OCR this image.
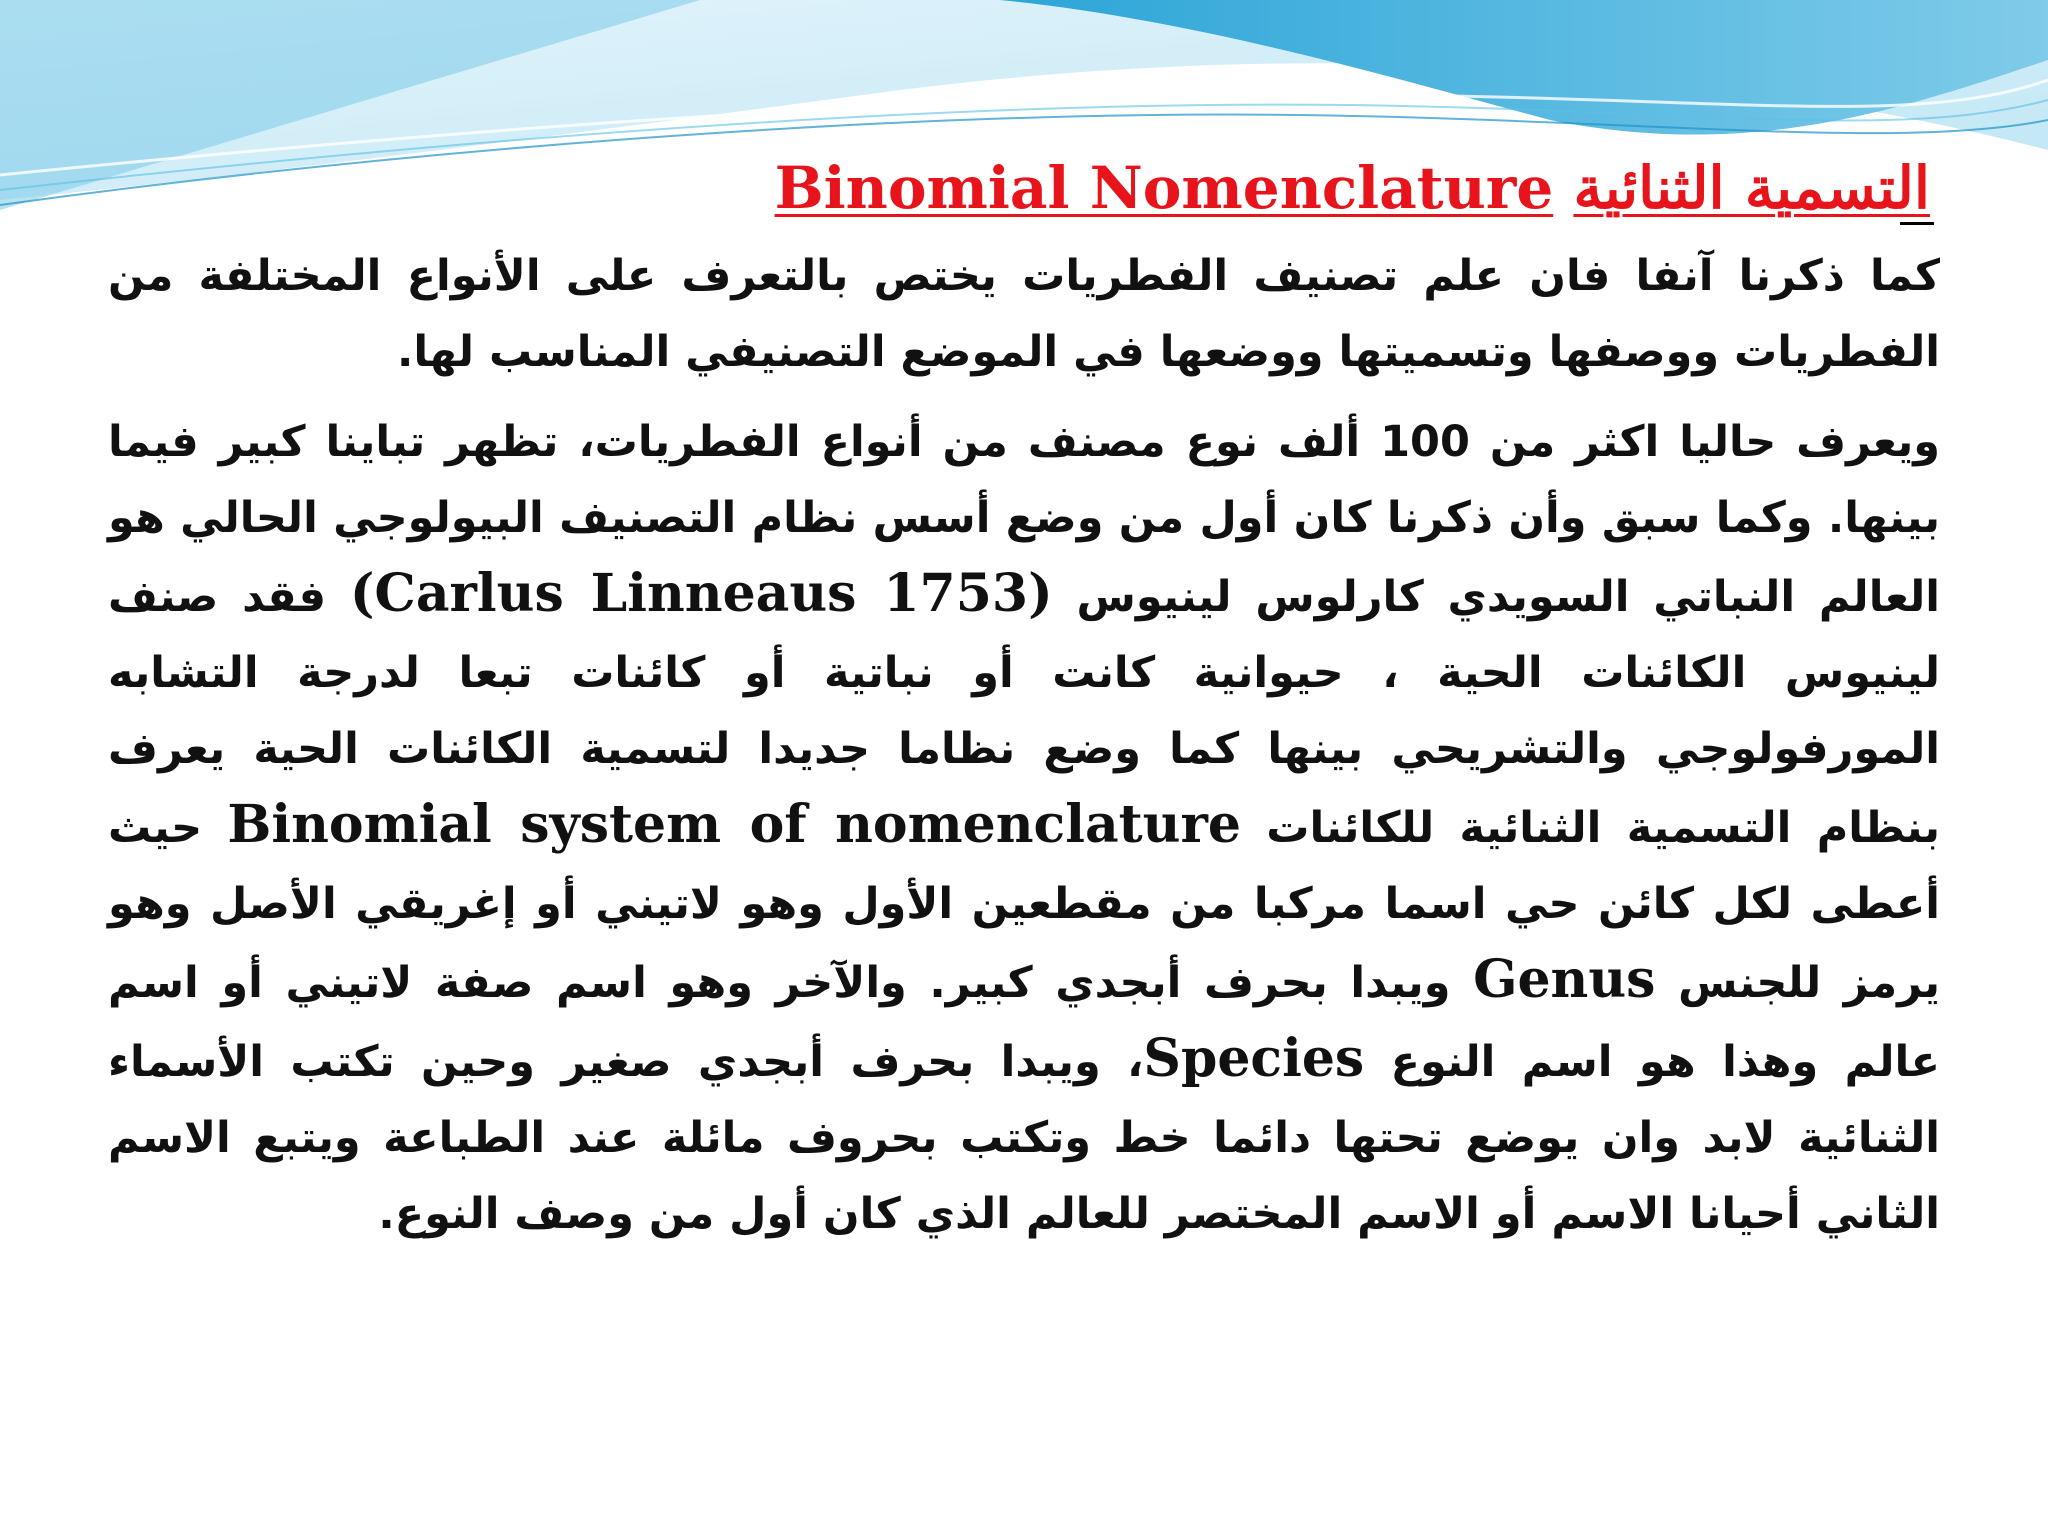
التسمية الثنائية Binomial Nomenclature

كما ذكرنا آنفا فان علم تصنيف الفطريات يختص بالتعرف على الأنواع المختلفة من الفطريات ووصفها وتسميتها ووضعها في الموضع التصنيفي المناسب لها.

ويعرف حاليا اكثر من 100 ألف نوع مصنف من أنواع الفطريات، تظهر تباينا كبير فيما بينها. وكما سبق وأن ذكرنا كان أول من وضع أسس نظام التصنيف البيولوجي الحالي هو العالم النباتي السويدي كارلوس لينيوس (Carlus Linneaus 1753) فقد صنف لينيوس الكائنات الحية ، حيوانية كانت أو نباتية أو كائنات تبعا لدرجة التشابه المورفولوجي والتشريحي بينها كما وضع نظاما جديدا لتسمية الكائنات الحية يعرف بنظام التسمية الثنائية للكائنات Binomial system of nomenclature حيث أعطى لكل كائن حي اسما مركبا من مقطعين الأول وهو لاتيني أو إغريقي الأصل وهو يرمز للجنس Genus ويبدا بحرف أبجدي كبير. والآخر وهو اسم صفة لاتيني أو اسم عالم وهذا هو اسم النوع Species، ويبدا بحرف أبجدي صغير وحين تكتب الأسماء الثنائية لابد وان يوضع تحتها دائما خط وتكتب بحروف مائلة عند الطباعة ويتبع الاسم الثاني أحيانا الاسم أو الاسم المختصر للعالم الذي كان أول من وصف النوع.
